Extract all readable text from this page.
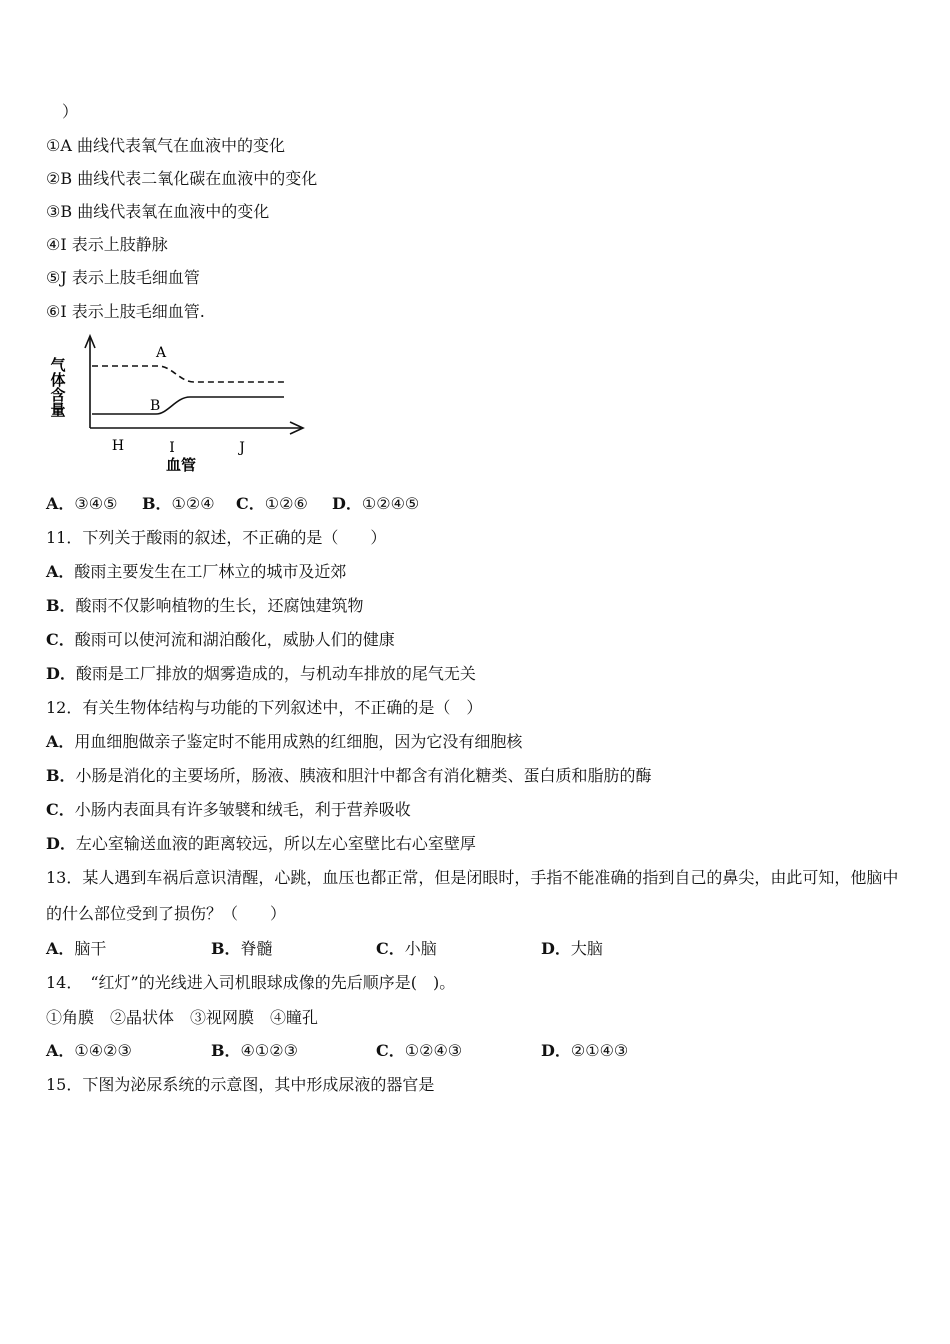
）
①A 曲线代表氧气在血液中的变化
②B 曲线代表二氧化碳在血液中的变化
③B 曲线代表氧在血液中的变化
④I 表示上肢静脉
⑤J 表示上肢毛细血管
⑥I 表示上肢毛细血管.
气
体
含
量
A
B
H	I	J
血管
A．③④⑤ B．①②④ C．①②⑥ D．①②④⑤
11．下列关于酸雨的叙述，不正确的是（　　）
A．酸雨主要发生在工厂林立的城市及近郊
B．酸雨不仅影响植物的生长，还腐蚀建筑物
C．酸雨可以使河流和湖泊酸化，威胁人们的健康
D．酸雨是工厂排放的烟雾造成的，与机动车排放的尾气无关
12．有关生物体结构与功能的下列叙述中，不正确的是（　）
A．用血细胞做亲子鉴定时不能用成熟的红细胞，因为它没有细胞核
B．小肠是消化的主要场所，肠液、胰液和胆汁中都含有消化糖类、蛋白质和脂肪的酶
C．小肠内表面具有许多皱襞和绒毛，利于营养吸收
D．左心室输送血液的距离较远，所以左心室壁比右心室壁厚
13．某人遇到车祸后意识清醒，心跳，血压也都正常，但是闭眼时，手指不能准确的指到自己的鼻尖，由此可知，他脑中的什么部位受到了损伤？（　　）
A．脑干	B．脊髓	C．小脑	D．大脑
14．　“红灯”的光线进入司机眼球成像的先后顺序是(　)。
①角膜　②晶状体　③视网膜　④瞳孔
A．①④②③	B．④①②③	C．①②④③	D．②①④③
15．下图为泌尿系统的示意图，其中形成尿液的器官是
